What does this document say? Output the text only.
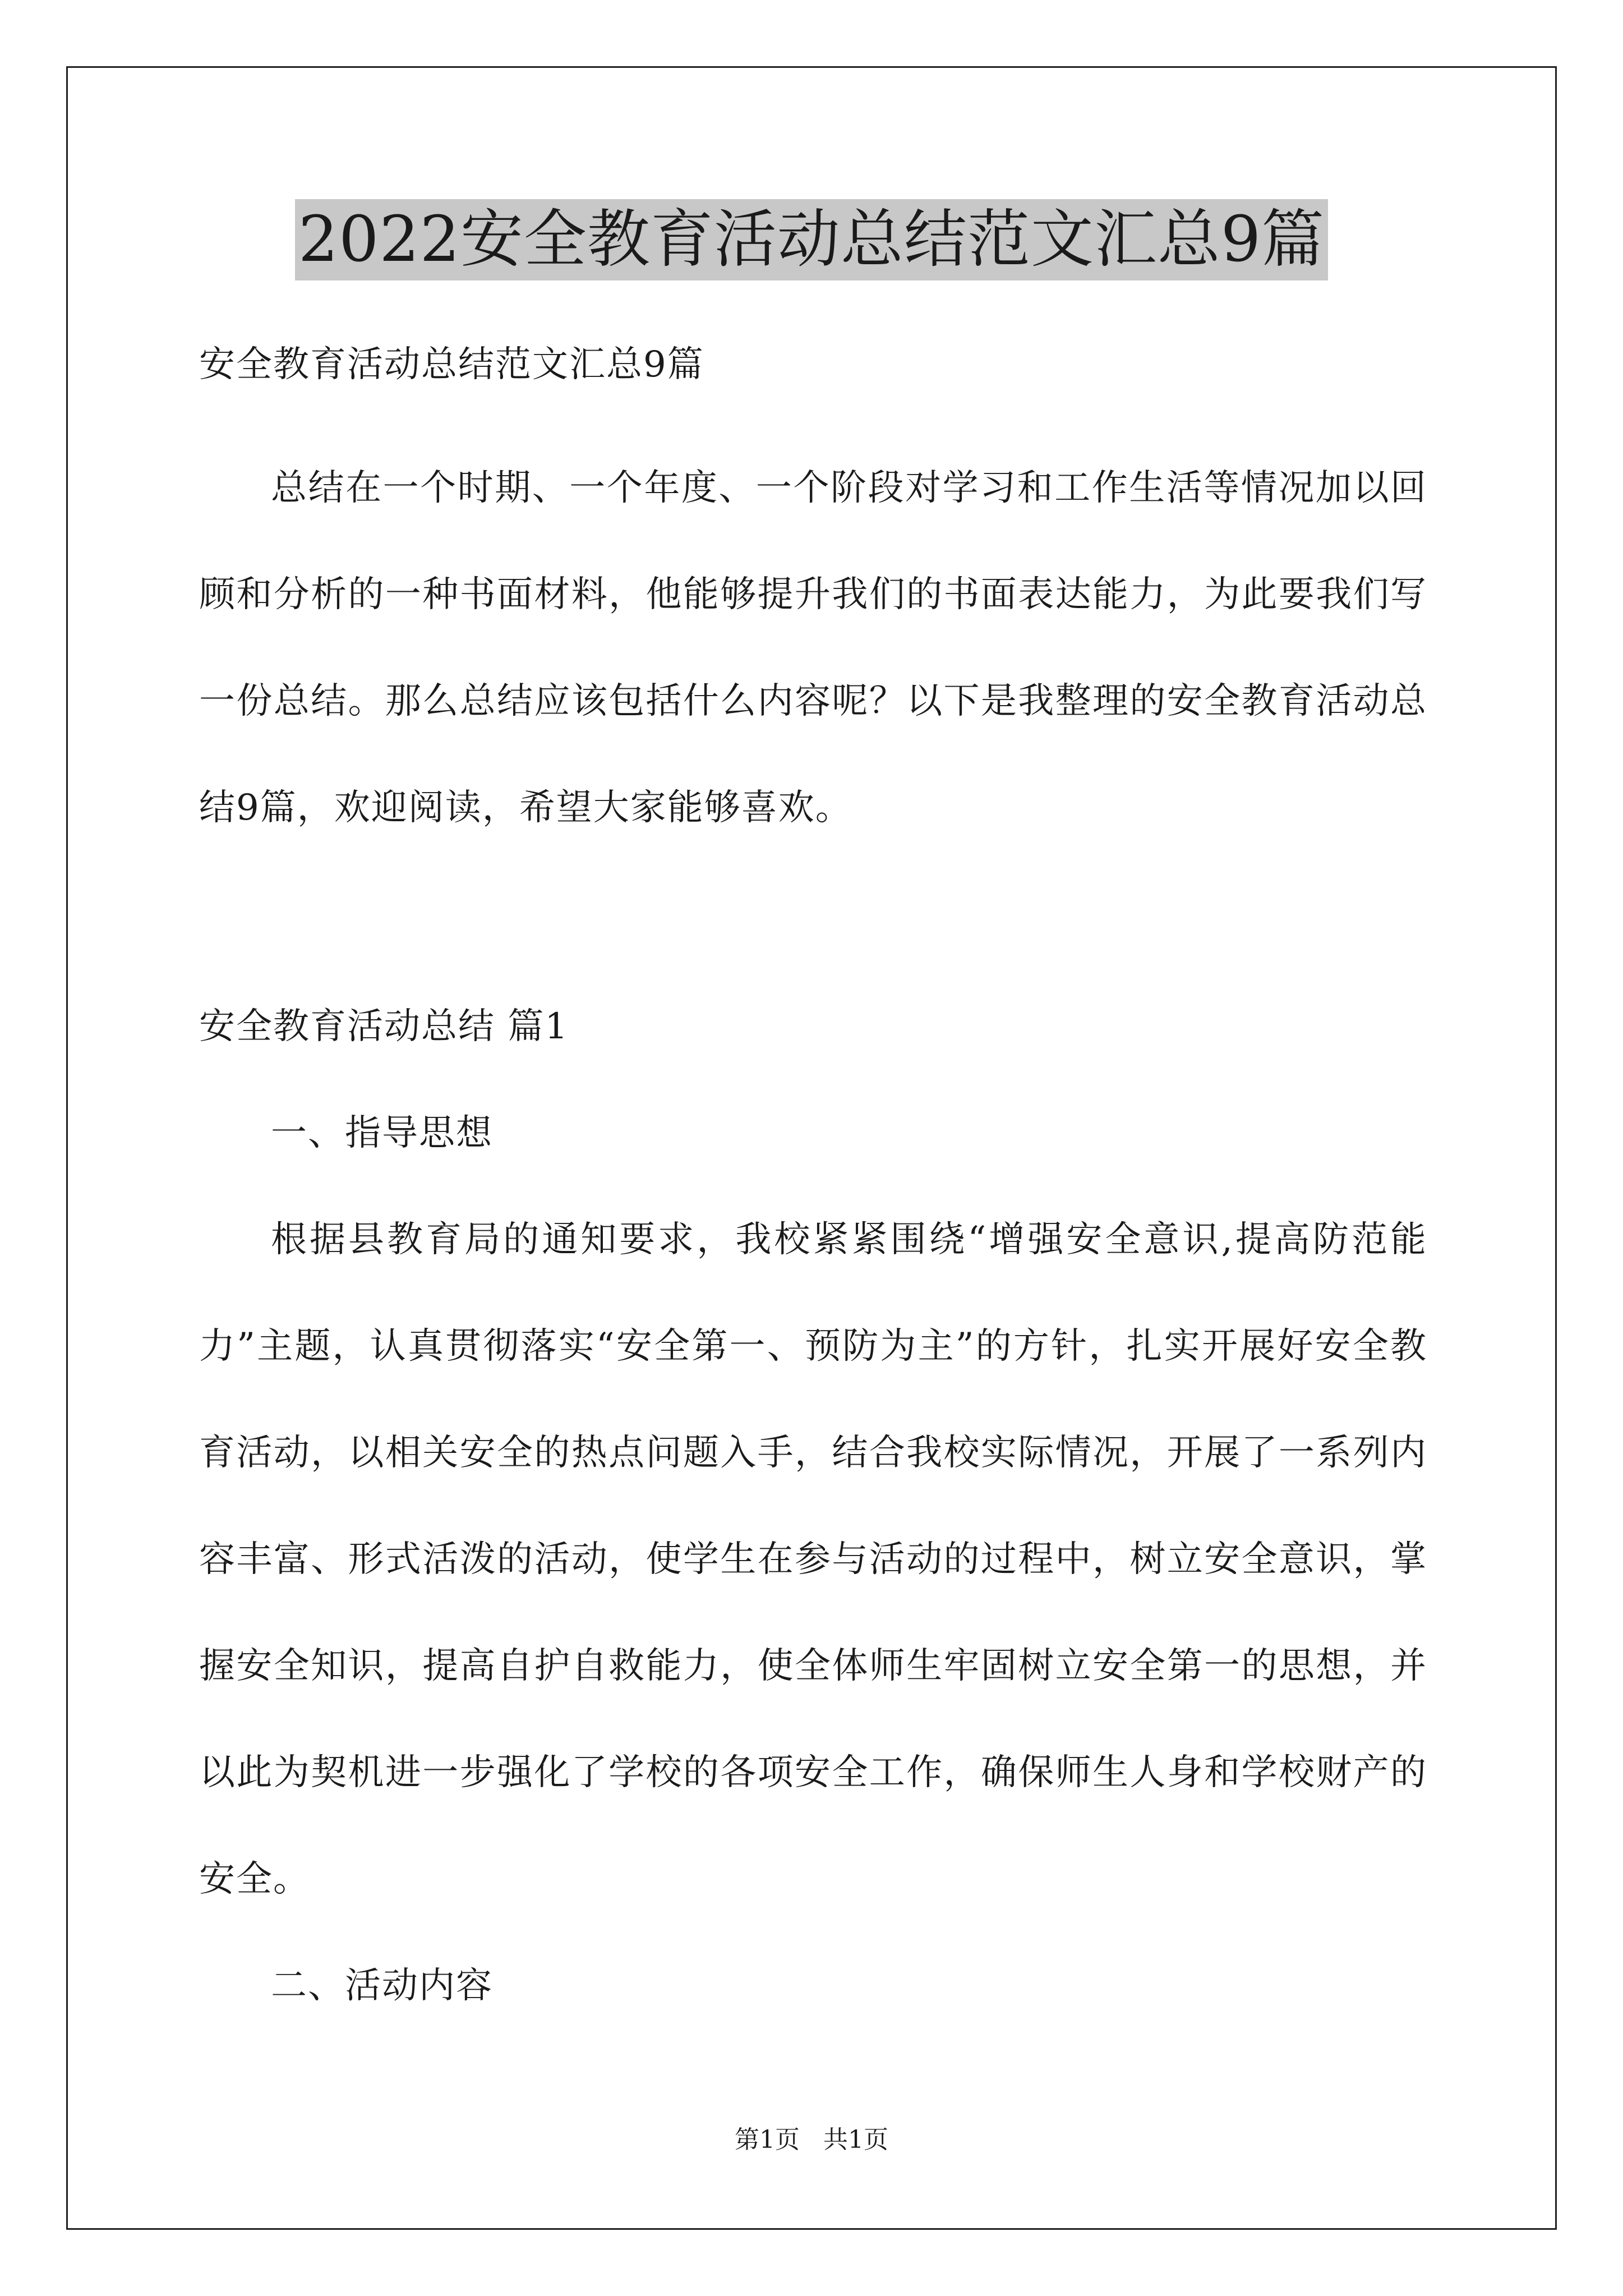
2022安全教育活动总结范文汇总9篇

安全教育活动总结范文汇总9篇

总结在一个时期、一个年度、一个阶段对学习和工作生活等情况加以回顾和分析的一种书面材料，他能够提升我们的书面表达能力，为此要我们写一份总结。那么总结应该包括什么内容呢？以下是我整理的安全教育活动总结9篇，欢迎阅读，希望大家能够喜欢。

安全教育活动总结 篇1

一、指导思想

根据县教育局的通知要求，我校紧紧围绕“增强安全意识,提高防范能力”主题，认真贯彻落实“安全第一、预防为主”的方针，扎实开展好安全教育活动，以相关安全的热点问题入手，结合我校实际情况，开展了一系列内容丰富、形式活泼的活动，使学生在参与活动的过程中，树立安全意识，掌握安全知识，提高自护自救能力，使全体师生牢固树立安全第一的思想，并以此为契机进一步强化了学校的各项安全工作，确保师生人身和学校财产的安全。

二、活动内容

第1页 共1页
